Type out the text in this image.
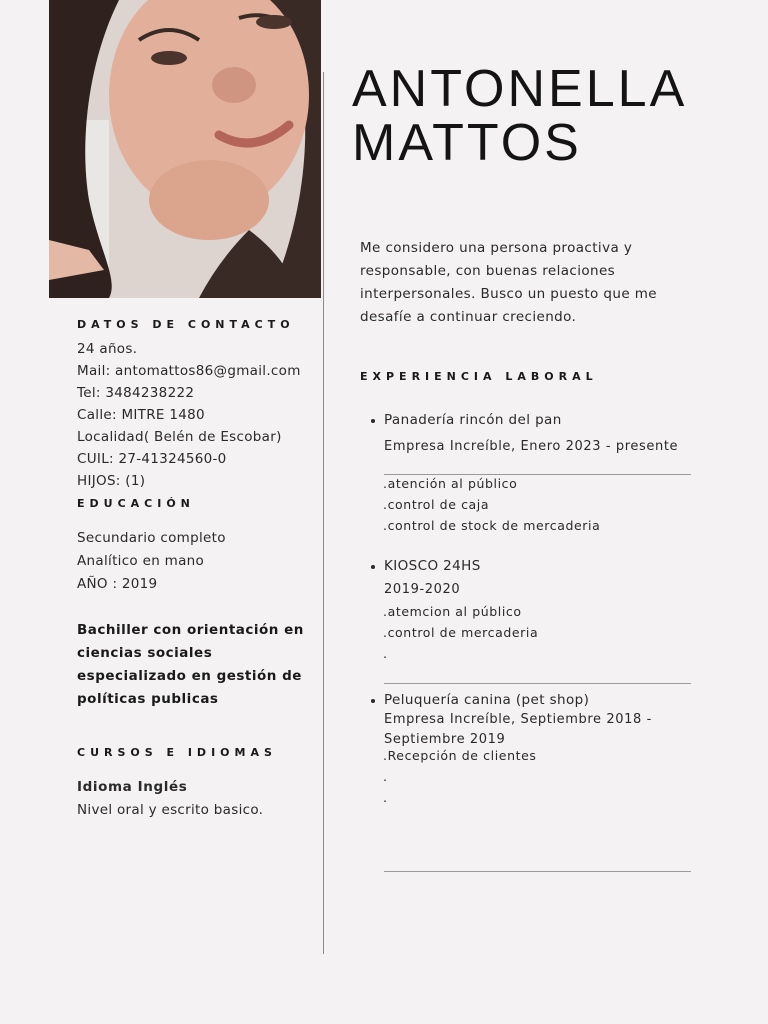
ANTONELLA
MATTOS
Me considero una persona proactiva y responsable, con buenas relaciones interpersonales. Busco un puesto que me desafíe a continuar creciendo.
DATOS DE CONTACTO
24 años.
Mail: antomattos86@gmail.com
Tel: 3484238222
Calle: MITRE 1480
Localidad( Belén de Escobar)
CUIL: 27-41324560-0
HIJOS: (1)
EDUCACIÓN
Secundario completo
Analítico en mano
AÑO : 2019
Bachiller con orientación en ciencias sociales especializado en gestión de políticas publicas
CURSOS E IDIOMAS
Idioma Inglés
Nivel oral y escrito basico.
EXPERIENCIA LABORAL
Panadería rincón del pan
Empresa Increíble, Enero 2023 - presente
.atención al público
.control de caja
.control de stock de mercaderia
KIOSCO 24HS
2019-2020
.atemcion al público
.control de mercaderia
.
Peluquería canina (pet shop)
Empresa Increíble, Septiembre 2018 - Septiembre 2019
.Recepción de clientes
.
.
